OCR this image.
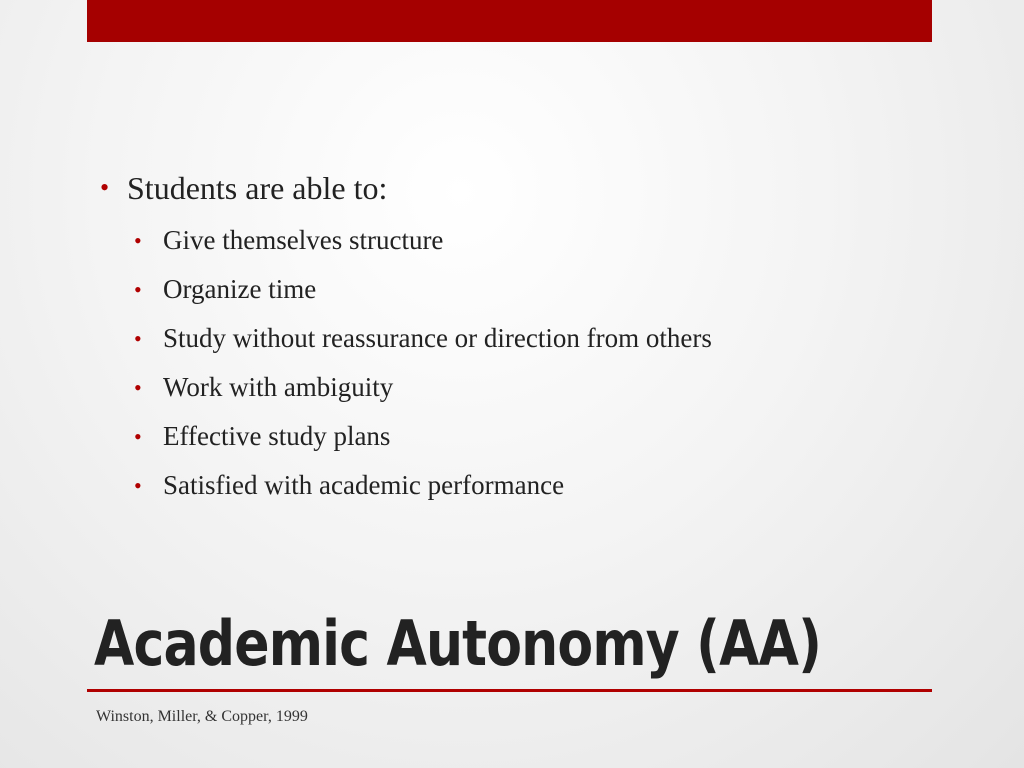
• Students are able to:
• Give themselves structure
• Organize time
• Study without reassurance or direction from others
• Work with ambiguity
• Effective study plans
• Satisfied with academic performance
Academic Autonomy (AA)
Winston, Miller, & Copper, 1999
